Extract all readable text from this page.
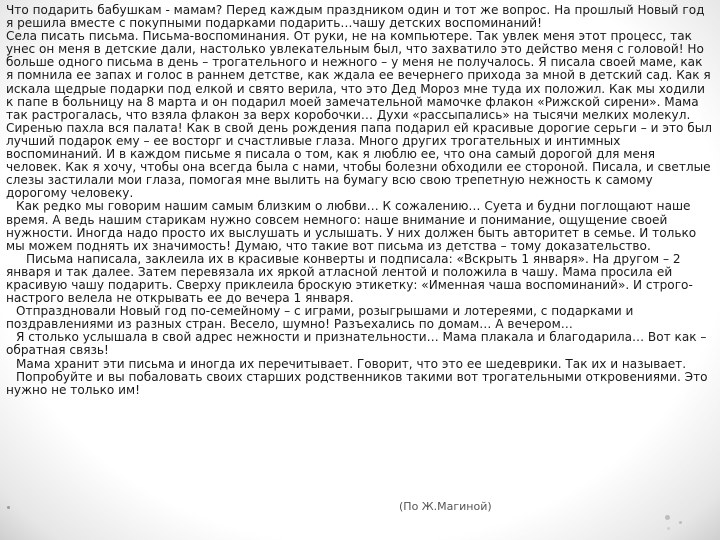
Что подарить бабушкам - мамам? Перед каждым праздником один и тот же вопрос. На прошлый Новый год я решила вместе с покупными подарками подарить…чашу детских воспоминаний!

Села писать письма. Письма-воспоминания. От руки, не на компьютере. Так увлек меня этот процесс, так унес он меня в детские дали, настолько увлекательным был, что захватило это действо меня с головой! Но больше одного письма в день – трогательного и нежного – у меня не получалось. Я писала своей маме, как я помнила ее запах и голос в раннем детстве, как ждала ее вечернего прихода за мной в детский сад. Как я искала щедрые подарки под елкой и свято верила, что это Дед Мороз мне туда их положил. Как мы ходили к папе в больницу на 8 марта и он подарил моей замечательной мамочке флакон «Рижской сирени». Мама так растрогалась, что взяла флакон за верх коробочки… Духи «рассыпались» на тысячи мелких молекул. Сиренью пахла вся палата! Как в свой день рождения папа подарил ей красивые дорогие серьги – и это был лучший подарок ему – ее восторг и счастливые глаза. Много других трогательных и интимных воспоминаний. И в каждом письме я писала о том, как я люблю ее, что она самый дорогой для меня человек. Как я хочу, чтобы она всегда была с нами, чтобы болезни обходили ее стороной. Писала, и светлые слезы застилали мои глаза, помогая мне вылить на бумагу всю свою трепетную нежность к самому дорогому человеку.

Как редко мы говорим нашим самым близким о любви… К сожалению… Суета и будни поглощают наше время. А ведь нашим старикам нужно совсем немного: наше внимание и понимание, ощущение своей нужности. Иногда надо просто их выслушать и услышать. У них должен быть авторитет в семье. И только мы можем поднять их значимость! Думаю, что такие вот письма из детства – тому доказательство.

Письма написала, заклеила их в красивые конверты и подписала: «Вскрыть 1 января». На другом – 2 января и так далее. Затем перевязала их яркой атласной лентой и положила в чашу. Мама просила ей красивую чашу подарить. Сверху приклеила броскую этикетку: «Именная чаша воспоминаний». И строго-настрого велела не открывать ее до вечера 1 января.

Отпраздновали Новый год по-семейному – с играми, розыгрышами и лотереями, с подарками и поздравлениями из разных стран. Весело, шумно! Разъехались по домам… А вечером…

Я столько услышала в свой адрес нежности и признательности… Мама плакала и благодарила… Вот как – обратная связь!

Мама хранит эти письма и иногда их перечитывает. Говорит, что это ее шедеврики. Так их и называет.

Попробуйте и вы побаловать своих старших родственников такими вот трогательными откровениями. Это нужно не только им!

(По Ж.Магиной)
